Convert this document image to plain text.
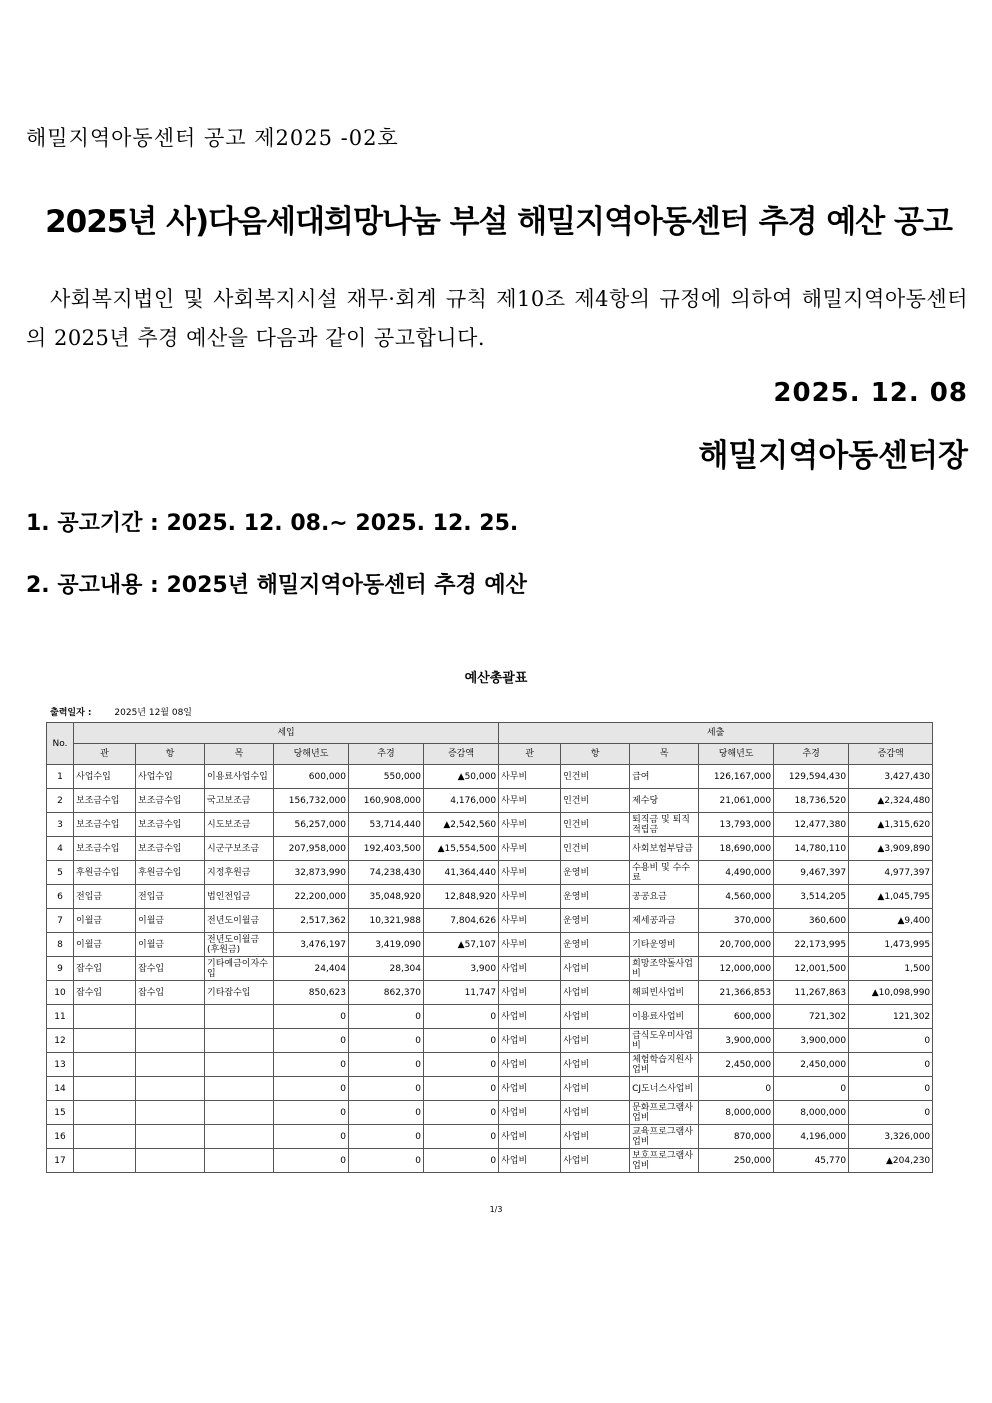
해밀지역아동센터 공고 제2025 -02호
2025년 사)다음세대희망나눔 부설 해밀지역아동센터 추경 예산 공고
사회복지법인 및 사회복지시설 재무·회계 규칙 제10조 제4항의 규정에 의하여 해밀지역아동센터의 2025년 추경 예산을 다음과 같이 공고합니다.
2025. 12. 08
해밀지역아동센터장
1. 공고기간 : 2025. 12. 08.~ 2025. 12. 25.
2. 공고내용 : 2025년 해밀지역아동센터 추경 예산
예산총괄표
출력일자 :	2025년 12월 08일
No.	세입						세출					
	관	항	목	당해년도	추경	증감액	관	항	목	당해년도	추경	증감액
1	사업수입	사업수입	이용료사업수입	600,000	550,000	▲50,000	사무비	인건비	급여	126,167,000	129,594,430	3,427,430
2	보조금수입	보조금수입	국고보조금	156,732,000	160,908,000	4,176,000	사무비	인건비	제수당	21,061,000	18,736,520	▲2,324,480
3	보조금수입	보조금수입	시도보조금	56,257,000	53,714,440	▲2,542,560	사무비	인건비	퇴직금 및 퇴직적립금	13,793,000	12,477,380	▲1,315,620
4	보조금수입	보조금수입	시군구보조금	207,958,000	192,403,500	▲15,554,500	사무비	인건비	사회보험부담금	18,690,000	14,780,110	▲3,909,890
5	후원금수입	후원금수입	지정후원금	32,873,990	74,238,430	41,364,440	사무비	운영비	수용비 및 수수료	4,490,000	9,467,397	4,977,397
6	전입금	전입금	법인전입금	22,200,000	35,048,920	12,848,920	사무비	운영비	공공요금	4,560,000	3,514,205	▲1,045,795
7	이월금	이월금	전년도이월금	2,517,362	10,321,988	7,804,626	사무비	운영비	제세공과금	370,000	360,600	▲9,400
8	이월금	이월금	전년도이월금(후원금)	3,476,197	3,419,090	▲57,107	사무비	운영비	기타운영비	20,700,000	22,173,995	1,473,995
9	잡수입	잡수입	기타예금이자수입	24,404	28,304	3,900	사업비	사업비	희망조약돌사업비	12,000,000	12,001,500	1,500
10	잡수입	잡수입	기타잡수입	850,623	862,370	11,747	사업비	사업비	해피빈사업비	21,366,853	11,267,863	▲10,098,990
11				0	0	0	사업비	사업비	이용료사업비	600,000	721,302	121,302
12				0	0	0	사업비	사업비	급식도우미사업비	3,900,000	3,900,000	0
13				0	0	0	사업비	사업비	체험학습지원사업비	2,450,000	2,450,000	0
14				0	0	0	사업비	사업비	CJ도너스사업비	0	0	0
15				0	0	0	사업비	사업비	문화프로그램사업비	8,000,000	8,000,000	0
16				0	0	0	사업비	사업비	교육프로그램사업비	870,000	4,196,000	3,326,000
17				0	0	0	사업비	사업비	보호프로그램사업비	250,000	45,770	▲204,230
1/3
